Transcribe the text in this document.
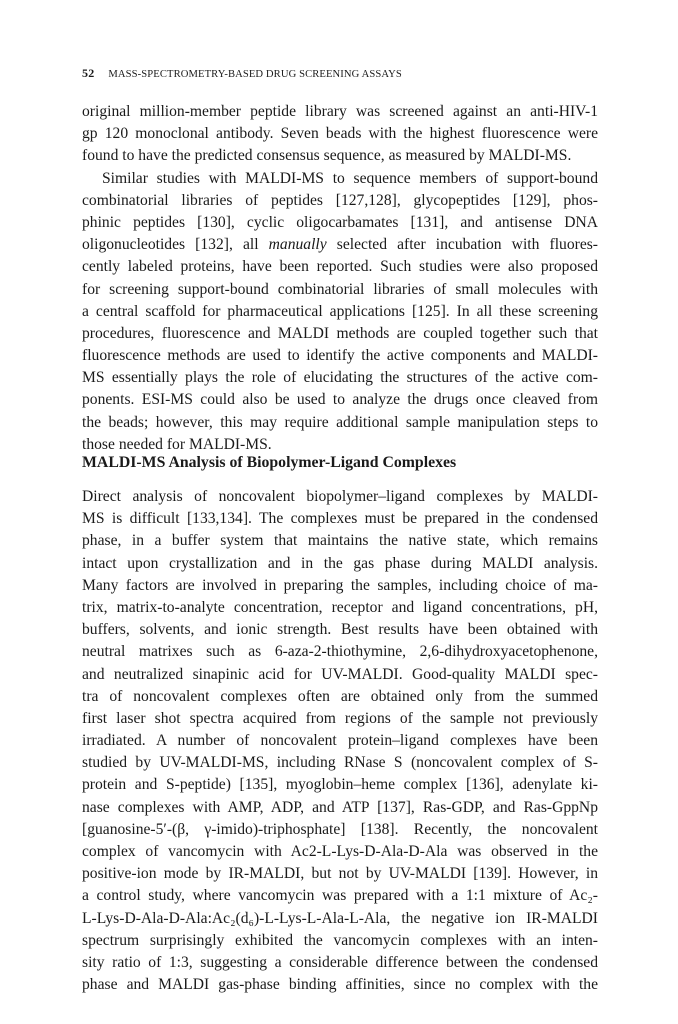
52 MASS-SPECTROMETRY-BASED DRUG SCREENING ASSAYS
original million-member peptide library was screened against an anti-HIV-1
gp 120 monoclonal antibody. Seven beads with the highest fluorescence were
found to have the predicted consensus sequence, as measured by MALDI-MS.
Similar studies with MALDI-MS to sequence members of support-bound
combinatorial libraries of peptides [127,128], glycopeptides [129], phos-
phinic peptides [130], cyclic oligocarbamates [131], and antisense DNA
oligonucleotides [132], all manually selected after incubation with fluores-
cently labeled proteins, have been reported. Such studies were also proposed
for screening support-bound combinatorial libraries of small molecules with
a central scaffold for pharmaceutical applications [125]. In all these screening
procedures, fluorescence and MALDI methods are coupled together such that
fluorescence methods are used to identify the active components and MALDI-
MS essentially plays the role of elucidating the structures of the active com-
ponents. ESI-MS could also be used to analyze the drugs once cleaved from
the beads; however, this may require additional sample manipulation steps to
those needed for MALDI-MS.
MALDI-MS Analysis of Biopolymer-Ligand Complexes
Direct analysis of noncovalent biopolymer–ligand complexes by MALDI-
MS is difficult [133,134]. The complexes must be prepared in the condensed
phase, in a buffer system that maintains the native state, which remains
intact upon crystallization and in the gas phase during MALDI analysis.
Many factors are involved in preparing the samples, including choice of ma-
trix, matrix-to-analyte concentration, receptor and ligand concentrations, pH,
buffers, solvents, and ionic strength. Best results have been obtained with
neutral matrixes such as 6-aza-2-thiothymine, 2,6-dihydroxyacetophenone,
and neutralized sinapinic acid for UV-MALDI. Good-quality MALDI spec-
tra of noncovalent complexes often are obtained only from the summed
first laser shot spectra acquired from regions of the sample not previously
irradiated. A number of noncovalent protein–ligand complexes have been
studied by UV-MALDI-MS, including RNase S (noncovalent complex of S-
protein and S-peptide) [135], myoglobin–heme complex [136], adenylate ki-
nase complexes with AMP, ADP, and ATP [137], Ras-GDP, and Ras-GppNp
[guanosine-5′-(β, γ-imido)-triphosphate] [138]. Recently, the noncovalent
complex of vancomycin with Ac2-L-Lys-D-Ala-D-Ala was observed in the
positive-ion mode by IR-MALDI, but not by UV-MALDI [139]. However, in
a control study, where vancomycin was prepared with a 1:1 mixture of Ac₂-
L-Lys-D-Ala-D-Ala:Ac₂(d₆)-L-Lys-L-Ala-L-Ala, the negative ion IR-MALDI
spectrum surprisingly exhibited the vancomycin complexes with an inten-
sity ratio of 1:3, suggesting a considerable difference between the condensed
phase and MALDI gas-phase binding affinities, since no complex with the
